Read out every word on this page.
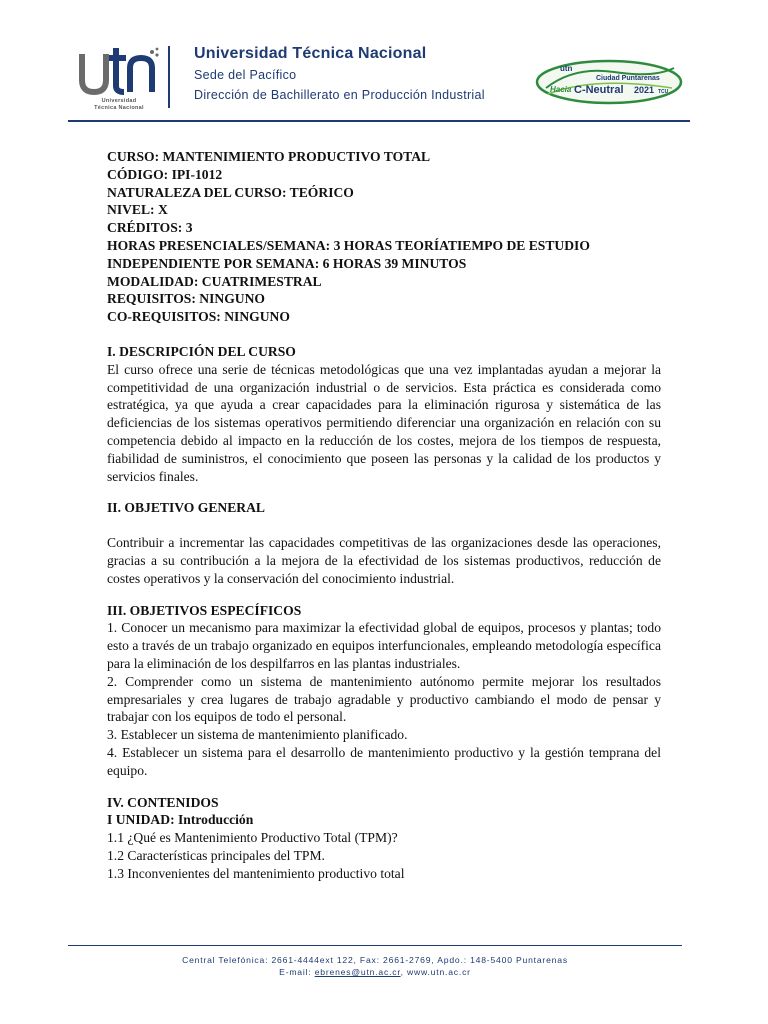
Universidad
Técnica Nacional
Universidad Técnica Nacional
Sede del Pacífico
Dirección de Bachillerato en Producción Industrial
utn
Ciudad Puntarenas
Hacia C-Neutral 2021 TCU

CURSO: MANTENIMIENTO PRODUCTIVO TOTAL

CÓDIGO: IPI-1012

NATURALEZA DEL CURSO: TEÓRICO

NIVEL: X

CRÉDITOS: 3

HORAS PRESENCIALES/SEMANA: 3 HORAS TEORÍATIEMPO DE ESTUDIO INDEPENDIENTE POR SEMANA: 6 HORAS 39 MINUTOS

MODALIDAD: CUATRIMESTRAL

REQUISITOS: NINGUNO

CO-REQUISITOS: NINGUNO

I. DESCRIPCIÓN DEL CURSO

El curso ofrece una serie de técnicas metodológicas que una vez implantadas ayudan a mejorar la competitividad de una organización industrial o de servicios. Esta práctica es considerada como estratégica, ya que ayuda a crear capacidades para la eliminación rigurosa y sistemática de las deficiencias de los sistemas operativos permitiendo diferenciar una organización en relación con su competencia debido al impacto en la reducción de los costes, mejora de los tiempos de respuesta, fiabilidad de suministros, el conocimiento que poseen las personas y la calidad de los productos y servicios finales.

II. OBJETIVO GENERAL

Contribuir a incrementar las capacidades competitivas de las organizaciones desde las operaciones, gracias a su contribución a la mejora de la efectividad de los sistemas productivos, reducción de costes operativos y la conservación del conocimiento industrial.

III. OBJETIVOS ESPECÍFICOS

1. Conocer un mecanismo para maximizar la efectividad global de equipos, procesos y plantas; todo esto a través de un trabajo organizado en equipos interfuncionales, empleando metodología específica para la eliminación de los despilfarros en las plantas industriales.

2. Comprender como un sistema de mantenimiento autónomo permite mejorar los resultados empresariales y crea lugares de trabajo agradable y productivo cambiando el modo de pensar y trabajar con los equipos de todo el personal.

3. Establecer un sistema de mantenimiento planificado.

4. Establecer un sistema para el desarrollo de mantenimiento productivo y la gestión temprana del equipo.

IV. CONTENIDOS

I UNIDAD: Introducción

1.1 ¿Qué es Mantenimiento Productivo Total (TPM)?

1.2 Características principales del TPM.

1.3 Inconvenientes del mantenimiento productivo total

Central Telefónica: 2661-4444ext 122, Fax: 2661-2769, Apdo.: 148-5400 Puntarenas
E-mail: ebrenes@utn.ac.cr, www.utn.ac.cr
